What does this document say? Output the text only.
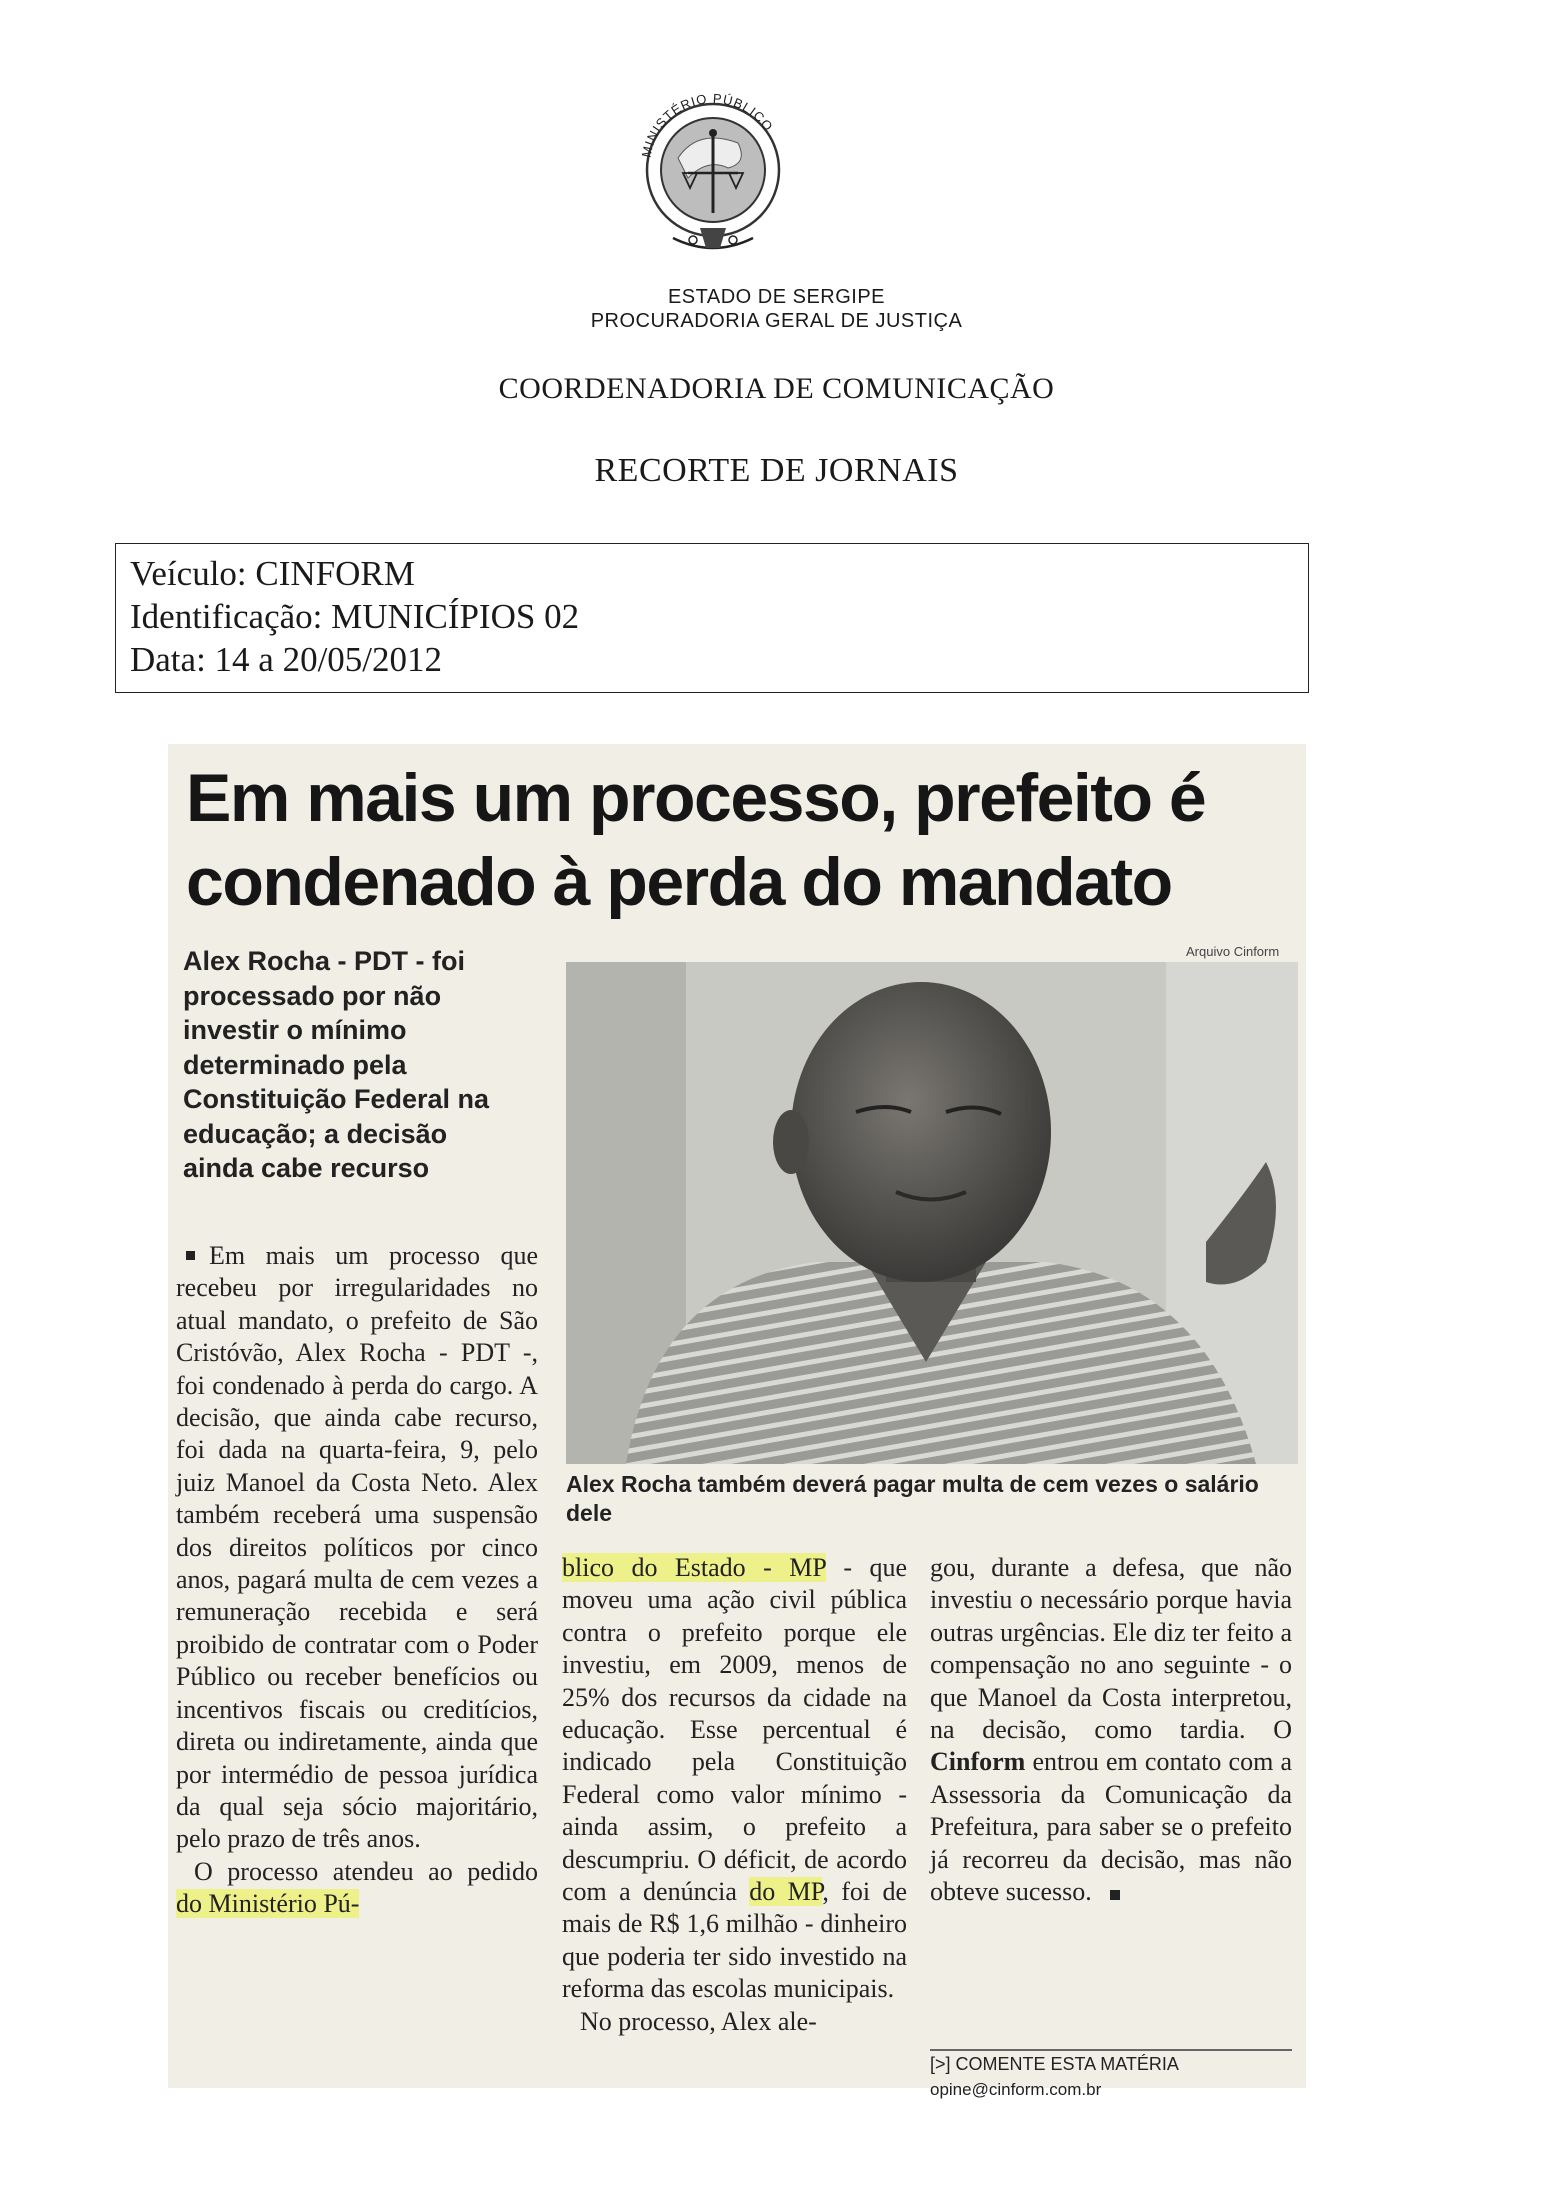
MINISTÉRIO PÚBLICO
ESTADO DE SERGIPE
PROCURADORIA GERAL DE JUSTIÇA
COORDENADORIA DE COMUNICAÇÃO
RECORTE DE JORNAIS
Veículo: CINFORM
Identificação: MUNICÍPIOS 02
Data: 14 a 20/05/2012
Em mais um processo, prefeito é
condenado à perda do mandato
Alex Rocha - PDT - foi processado por não investir o mínimo determinado pela Constituição Federal na educação; a decisão ainda cabe recurso
Arquivo Cinform
Alex Rocha também deverá pagar multa de cem vezes o salário dele
Em mais um processo que recebeu por irregularidades no atual mandato, o prefeito de São Cristóvão, Alex Rocha - PDT -, foi condenado à perda do cargo. A decisão, que ainda cabe recurso, foi dada na quarta-feira, 9, pelo juiz Manoel da Costa Neto. Alex também receberá uma suspensão dos direitos políticos por cinco anos, pagará multa de cem vezes a remuneração recebida e será proibido de contratar com o Poder Público ou receber benefícios ou incentivos fiscais ou creditícios, direta ou indiretamente, ainda que por intermédio de pessoa jurídica da qual seja sócio majoritário, pelo prazo de três anos.
O processo atendeu ao pedido do Ministério Pú-
blico do Estado - MP - que moveu uma ação civil pública contra o prefeito porque ele investiu, em 2009, menos de 25% dos recursos da cidade na educação. Esse percentual é indicado pela Constituição Federal como valor mínimo - ainda assim, o prefeito a descumpriu. O déficit, de acordo com a denúncia do MP, foi de mais de R$ 1,6 milhão - dinheiro que poderia ter sido investido na reforma das escolas municipais.
No processo, Alex ale-
gou, durante a defesa, que não investiu o necessário porque havia outras urgências. Ele diz ter feito a compensação no ano seguinte - o que Manoel da Costa interpretou, na decisão, como tardia. O Cinform entrou em contato com a Assessoria da Comunicação da Prefeitura, para saber se o prefeito já recorreu da decisão, mas não obteve sucesso.
[>] COMENTE ESTA MATÉRIA
opine@cinform.com.br
